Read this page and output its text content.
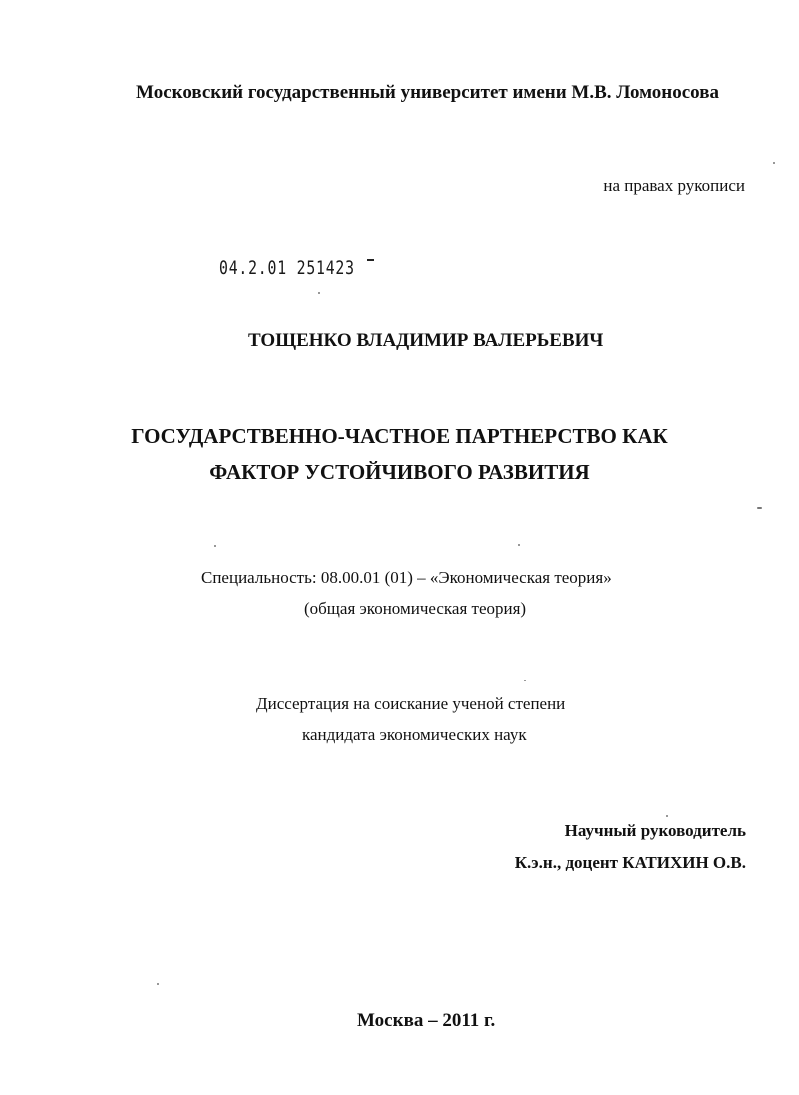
Московский государственный университет имени М.В. Ломоносова
на правах рукописи
04.2.01 251423
ТОЩЕНКО ВЛАДИМИР ВАЛЕРЬЕВИЧ
ГОСУДАРСТВЕННО-ЧАСТНОЕ ПАРТНЕРСТВО КАК
ФАКТОР УСТОЙЧИВОГО РАЗВИТИЯ
Специальность: 08.00.01 (01) – «Экономическая теория»
(общая экономическая теория)
Диссертация на соискание ученой степени
кандидата экономических наук
Научный руководитель
К.э.н., доцент КАТИХИН О.В.
Москва – 2011 г.
